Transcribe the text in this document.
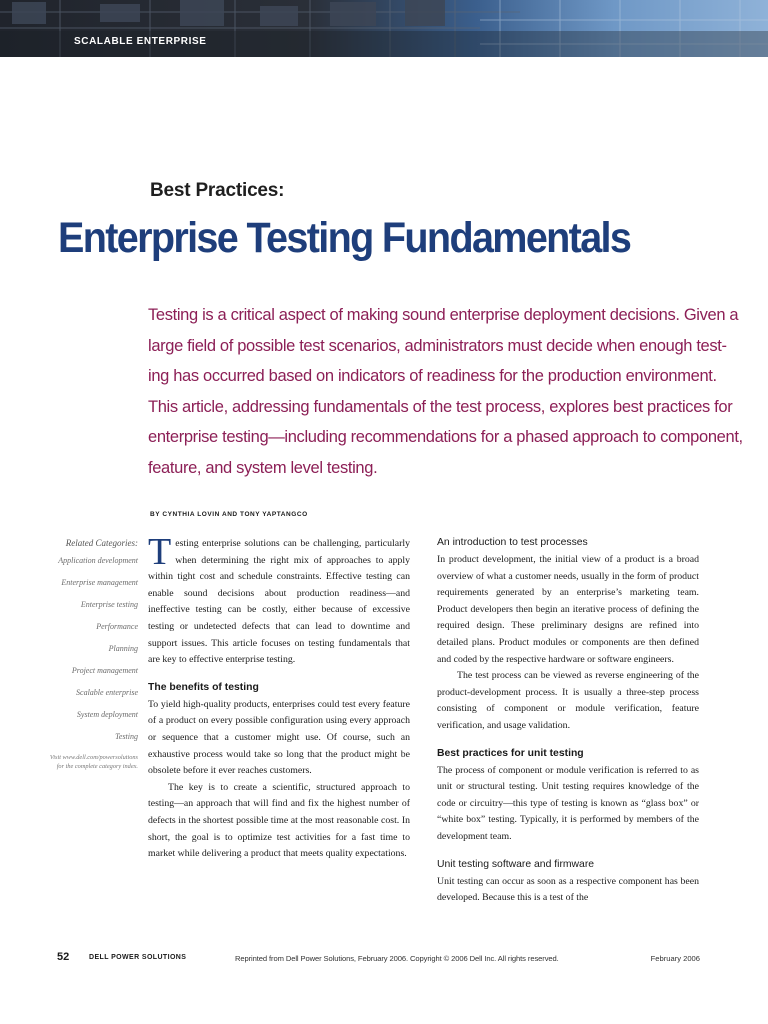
SCALABLE ENTERPRISE
Best Practices:
Enterprise Testing Fundamentals
Testing is a critical aspect of making sound enterprise deployment decisions. Given a
large field of possible test scenarios, administrators must decide when enough test-
ing has occurred based on indicators of readiness for the production environment.
This article, addressing fundamentals of the test process, explores best practices for
enterprise testing—including recommendations for a phased approach to component,
feature, and system level testing.
BY CYNTHIA LOVIN AND TONY YAPTANGCO
Related Categories:
Application development
Enterprise management
Enterprise testing
Performance
Planning
Project management
Scalable enterprise
System deployment
Testing
Visit www.dell.com/powersolutions
for the complete category index.

Testing enterprise solutions can be challenging, particularly when determining the right mix of approaches to apply within tight cost and schedule constraints. Effective testing can enable sound decisions about production readiness—and ineffective testing can be costly, either because of excessive testing or undetected defects that can lead to downtime and support issues. This article focuses on testing fundamentals that are key to effective enterprise testing.

The benefits of testing

To yield high-quality products, enterprises could test every feature of a product on every possible configuration using every approach or sequence that a customer might use. Of course, such an exhaustive process would take so long that the product might be obsolete before it ever reaches customers.

The key is to create a scientific, structured approach to testing—an approach that will find and fix the highest number of defects in the shortest possible time at the most reasonable cost. In short, the goal is to optimize test activities for a fast time to market while delivering a product that meets quality expectations.

An introduction to test processes

In product development, the initial view of a product is a broad overview of what a customer needs, usually in the form of product requirements generated by an enterprise’s marketing team. Product developers then begin an iterative process of defining the required design. These preliminary designs are refined into detailed plans. Product modules or components are then defined and coded by the respective hardware or software engineers.

The test process can be viewed as reverse engineering of the product-development process. It is usually a three-step process consisting of component or module verification, feature verification, and usage validation.

Best practices for unit testing

The process of component or module verification is referred to as unit or structural testing. Unit testing requires knowledge of the code or circuitry—this type of testing is known as “glass box” or “white box” testing. Typically, it is performed by members of the development team.

Unit testing software and firmware

Unit testing can occur as soon as a respective component has been developed. Because this is a test of the

52	DELL POWER SOLUTIONS	Reprinted from Dell Power Solutions, February 2006. Copyright © 2006 Dell Inc. All rights reserved.	February 2006
